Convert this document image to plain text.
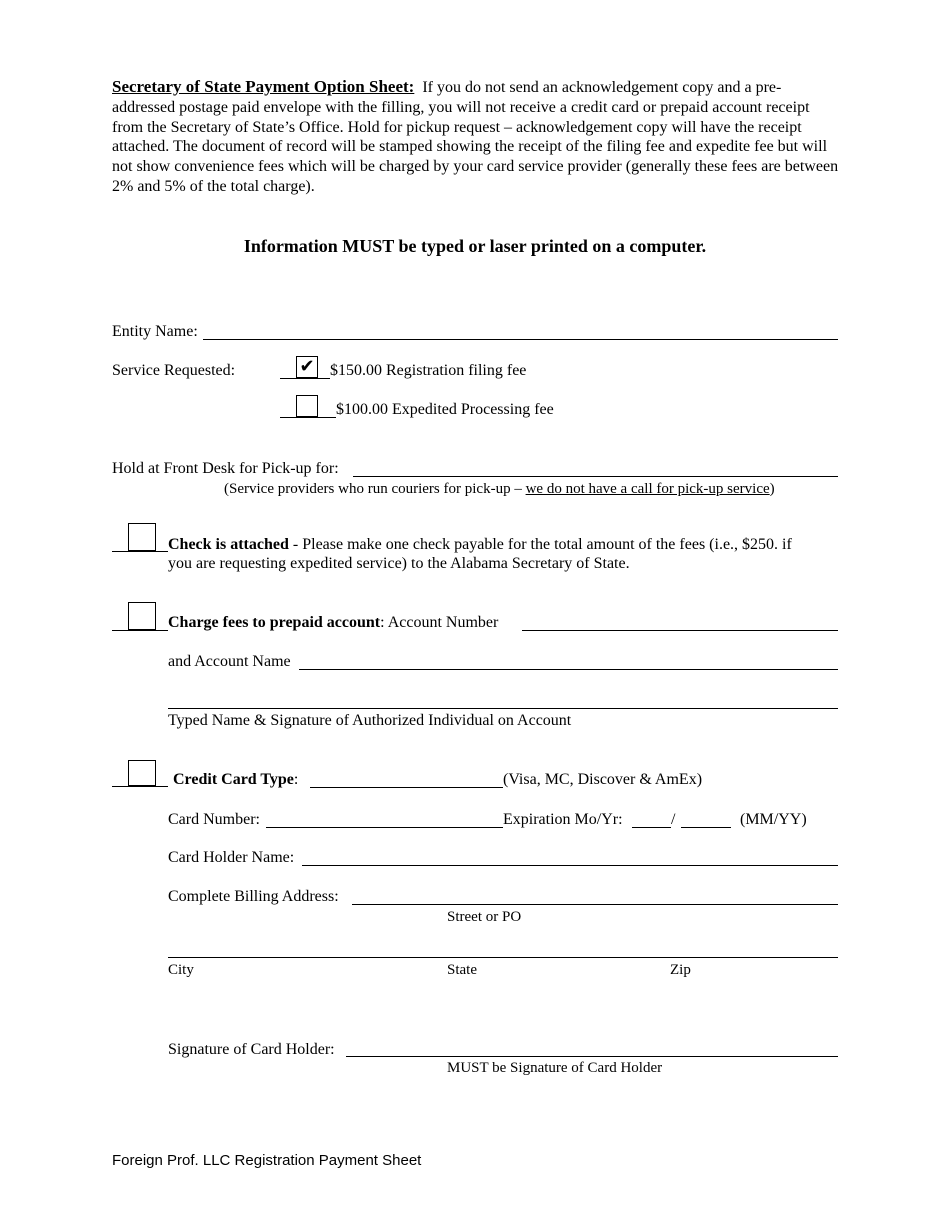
Secretary of State Payment Option Sheet: If you do not send an acknowledgement copy and a pre-addressed postage paid envelope with the filling, you will not receive a credit card or prepaid account receipt from the Secretary of State’s Office. Hold for pickup request – acknowledgement copy will have the receipt attached. The document of record will be stamped showing the receipt of the filing fee and expedite fee but will not show convenience fees which will be charged by your card service provider (generally these fees are between 2% and 5% of the total charge).

Information MUST be typed or laser printed on a computer.
Entity Name:
Service Requested:	✔ $150.00 Registration filing fee
$100.00 Expedited Processing fee
Hold at Front Desk for Pick-up for:
(Service providers who run couriers for pick-up – we do not have a call for pick-up service)
Check is attached - Please make one check payable for the total amount of the fees (i.e., $250. if
you are requesting expedited service) to the Alabama Secretary of State.
Charge fees to prepaid account: Account Number
and Account Name
Typed Name & Signature of Authorized Individual on Account
Credit Card Type:	(Visa, MC, Discover & AmEx)
Card Number:	Expiration Mo/Yr:	/	(MM/YY)
Card Holder Name:
Complete Billing Address:
Street or PO
City	State	Zip
Signature of Card Holder:
MUST be Signature of Card Holder
Foreign Prof. LLC Registration Payment Sheet
